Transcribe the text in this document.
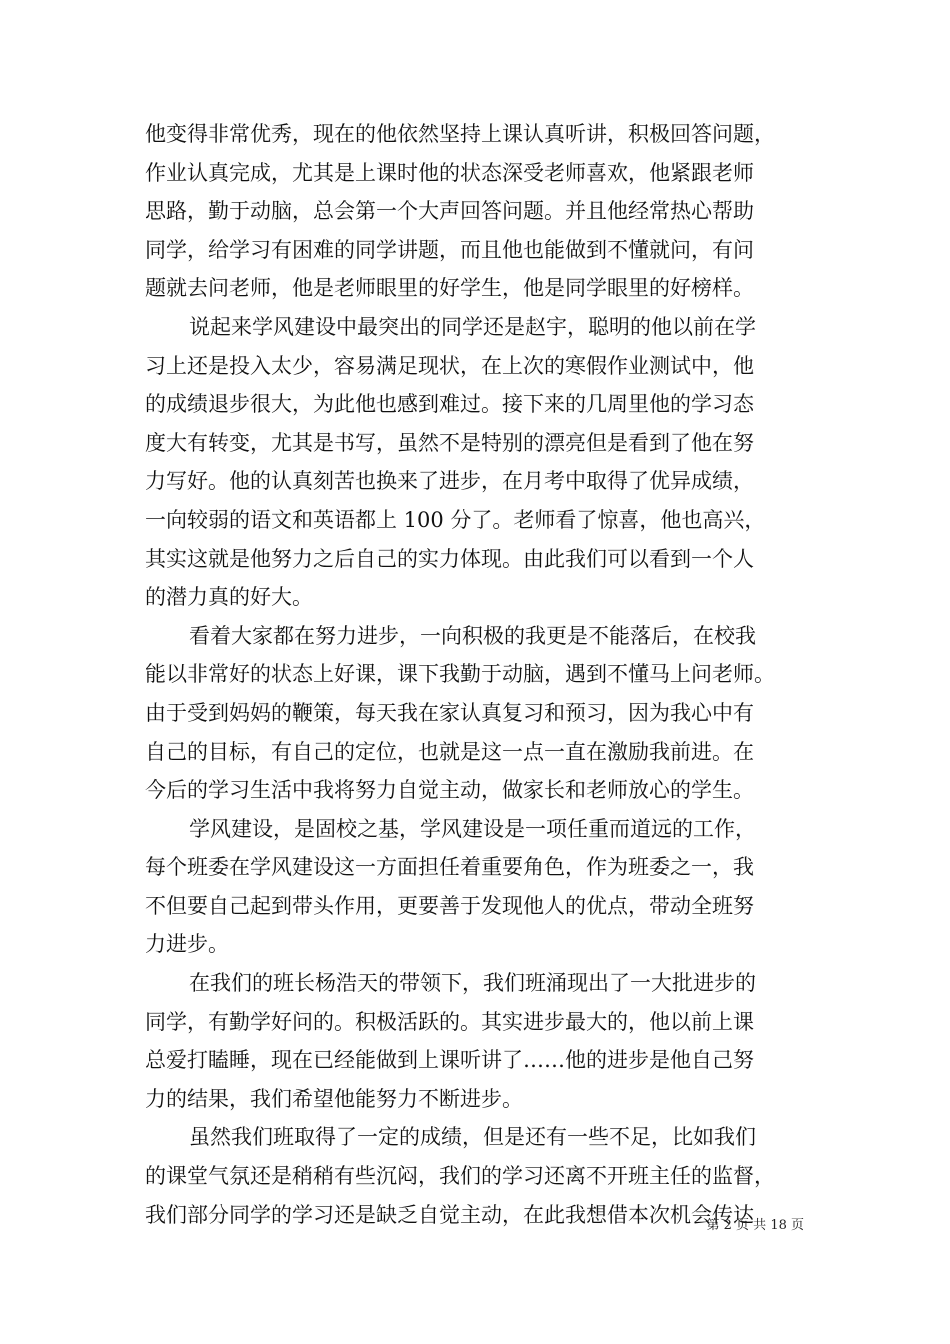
他变得非常优秀，现在的他依然坚持上课认真听讲，积极回答问题，
作业认真完成，尤其是上课时他的状态深受老师喜欢，他紧跟老师
思路，勤于动脑，总会第一个大声回答问题。并且他经常热心帮助
同学，给学习有困难的同学讲题，而且他也能做到不懂就问，有问
题就去问老师，他是老师眼里的好学生，他是同学眼里的好榜样。
说起来学风建设中最突出的同学还是赵宇，聪明的他以前在学
习上还是投入太少，容易满足现状，在上次的寒假作业测试中，他
的成绩退步很大，为此他也感到难过。接下来的几周里他的学习态
度大有转变，尤其是书写，虽然不是特别的漂亮但是看到了他在努
力写好。他的认真刻苦也换来了进步，在月考中取得了优异成绩，
一向较弱的语文和英语都上 100 分了。老师看了惊喜，他也高兴，
其实这就是他努力之后自己的实力体现。由此我们可以看到一个人
的潜力真的好大。
看着大家都在努力进步，一向积极的我更是不能落后，在校我
能以非常好的状态上好课，课下我勤于动脑，遇到不懂马上问老师。
由于受到妈妈的鞭策，每天我在家认真复习和预习，因为我心中有
自己的目标，有自己的定位，也就是这一点一直在激励我前进。在
今后的学习生活中我将努力自觉主动，做家长和老师放心的学生。
学风建设，是固校之基，学风建设是一项任重而道远的工作，
每个班委在学风建设这一方面担任着重要角色，作为班委之一，我
不但要自己起到带头作用，更要善于发现他人的优点，带动全班努
力进步。
在我们的班长杨浩天的带领下，我们班涌现出了一大批进步的
同学，有勤学好问的。积极活跃的。其实进步最大的，他以前上课
总爱打瞌睡，现在已经能做到上课听讲了……他的进步是他自己努
力的结果，我们希望他能努力不断进步。
虽然我们班取得了一定的成绩，但是还有一些不足，比如我们
的课堂气氛还是稍稍有些沉闷，我们的学习还离不开班主任的监督，
我们部分同学的学习还是缺乏自觉主动，在此我想借本次机会传达
第 2 页 共 18 页
